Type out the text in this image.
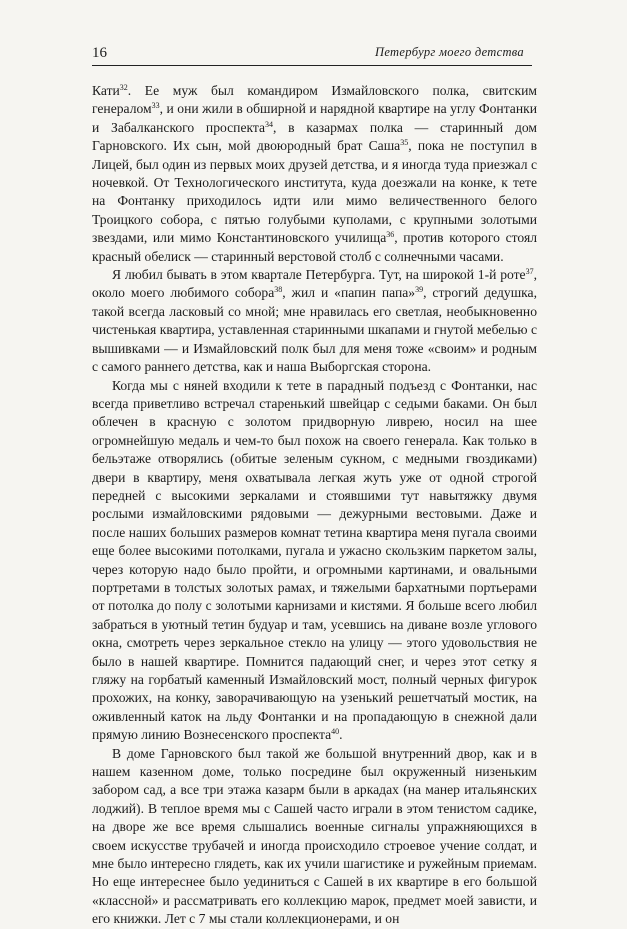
16	Петербург моего детства

Кати$^{32}$. Ее муж был командиром Измайловского полка, свитским генералом$^{33}$, и они жили в обширной и нарядной квартире на углу Фонтанки и Забалканского проспекта$^{34}$, в казармах полка — старинный дом Гарновского. Их сын, мой двоюродный брат Саша$^{35}$, пока не поступил в Лицей, был один из первых моих друзей детства, и я иногда туда приезжал с ночевкой. От Технологического института, куда доезжали на конке, к тете на Фонтанку приходилось идти или мимо величественного белого Троицкого собора, с пятью голубыми куполами, с крупными золотыми звездами, или мимо Константиновского училища$^{36}$, против которого стоял красный обелиск — старинный верстовой столб с солнечными часами.

Я любил бывать в этом квартале Петербурга. Тут, на широкой 1-й роте$^{37}$, около моего любимого собора$^{38}$, жил и «папин папа»$^{39}$, строгий дедушка, такой всегда ласковый со мной; мне нравилась его светлая, необыкновенно чистенькая квартира, уставленная старинными шкапами и гнутой мебелью с вышивками — и Измайловский полк был для меня тоже «своим» и родным с самого раннего детства, как и наша Выборгская сторона.

Когда мы с няней входили к тете в парадный подъезд с Фонтанки, нас всегда приветливо встречал старенький швейцар с седыми баками. Он был облечен в красную с золотом придворную ливрею, носил на шее огромнейшую медаль и чем-то был похож на своего генерала. Как только в бельэтаже отворялись (обитые зеленым сукном, с медными гвоздиками) двери в квартиру, меня охватывала легкая жуть уже от одной строгой передней с высокими зеркалами и стоявшими тут навытяжку двумя рослыми измайловскими рядовыми — дежурными вестовыми. Даже и после наших больших размеров комнат тетина квартира меня пугала своими еще более высокими потолками, пугала и ужасно скользким паркетом залы, через которую надо было пройти, и огромными картинами, и овальными портретами в толстых золотых рамах, и тяжелыми бархатными портьерами от потолка до полу с золотыми карнизами и кистями. Я больше всего любил забраться в уютный тетин будуар и там, усевшись на диване возле углового окна, смотреть через зеркальное стекло на улицу — этого удовольствия не было в нашей квартире. Помнится падающий снег, и через этот сетку я гляжу на горбатый каменный Измайловский мост, полный черных фигурок прохожих, на конку, заворачивающую на узенький решетчатый мостик, на оживленный каток на льду Фонтанки и на пропадающую в снежной дали прямую линию Вознесенского проспекта$^{40}$.

В доме Гарновского был такой же большой внутренний двор, как и в нашем казенном доме, только посредине был окруженный низеньким забором сад, а все три этажа казарм были в аркадах (на манер итальянских лоджий). В теплое время мы с Сашей часто играли в этом тенистом садике, на дворе же все время слышались военные сигналы упражняющихся в своем искусстве трубачей и иногда происходило строевое учение солдат, и мне было интересно глядеть, как их учили шагистике и ружейным приемам. Но еще интереснее было уединиться с Сашей в их квартире в его большой «классной» и рассматривать его коллекцию марок, предмет моей зависти, и его книжки. Лет с 7 мы стали коллекционерами, и он
